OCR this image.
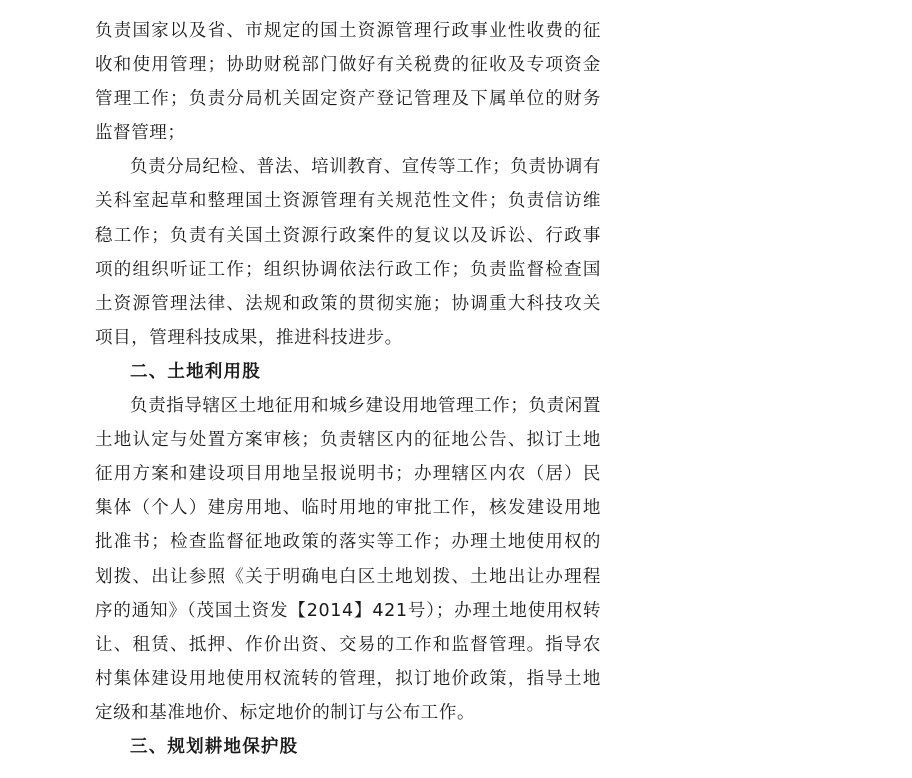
负责国家以及省、市规定的国土资源管理行政事业性收费的征收和使用管理；协助财税部门做好有关税费的征收及专项资金管理工作；负责分局机关固定资产登记管理及下属单位的财务监督管理；

负责分局纪检、普法、培训教育、宣传等工作；负责协调有关科室起草和整理国土资源管理有关规范性文件；负责信访维稳工作；负责有关国土资源行政案件的复议以及诉讼、行政事项的组织听证工作；组织协调依法行政工作；负责监督检查国土资源管理法律、法规和政策的贯彻实施；协调重大科技攻关项目，管理科技成果，推进科技进步。

二、土地利用股

负责指导辖区土地征用和城乡建设用地管理工作；负责闲置土地认定与处置方案审核；负责辖区内的征地公告、拟订土地征用方案和建设项目用地呈报说明书；办理辖区内农（居）民集体（个人）建房用地、临时用地的审批工作，核发建设用地批准书；检查监督征地政策的落实等工作；办理土地使用权的划拨、出让参照《关于明确电白区土地划拨、土地出让办理程序的通知》（茂国土资发【2014】421号）；办理土地使用权转让、租赁、抵押、作价出资、交易的工作和监督管理。指导农村集体建设用地使用权流转的管理，拟订地价政策，指导土地定级和基准地价、标定地价的制订与公布工作。

三、规划耕地保护股
